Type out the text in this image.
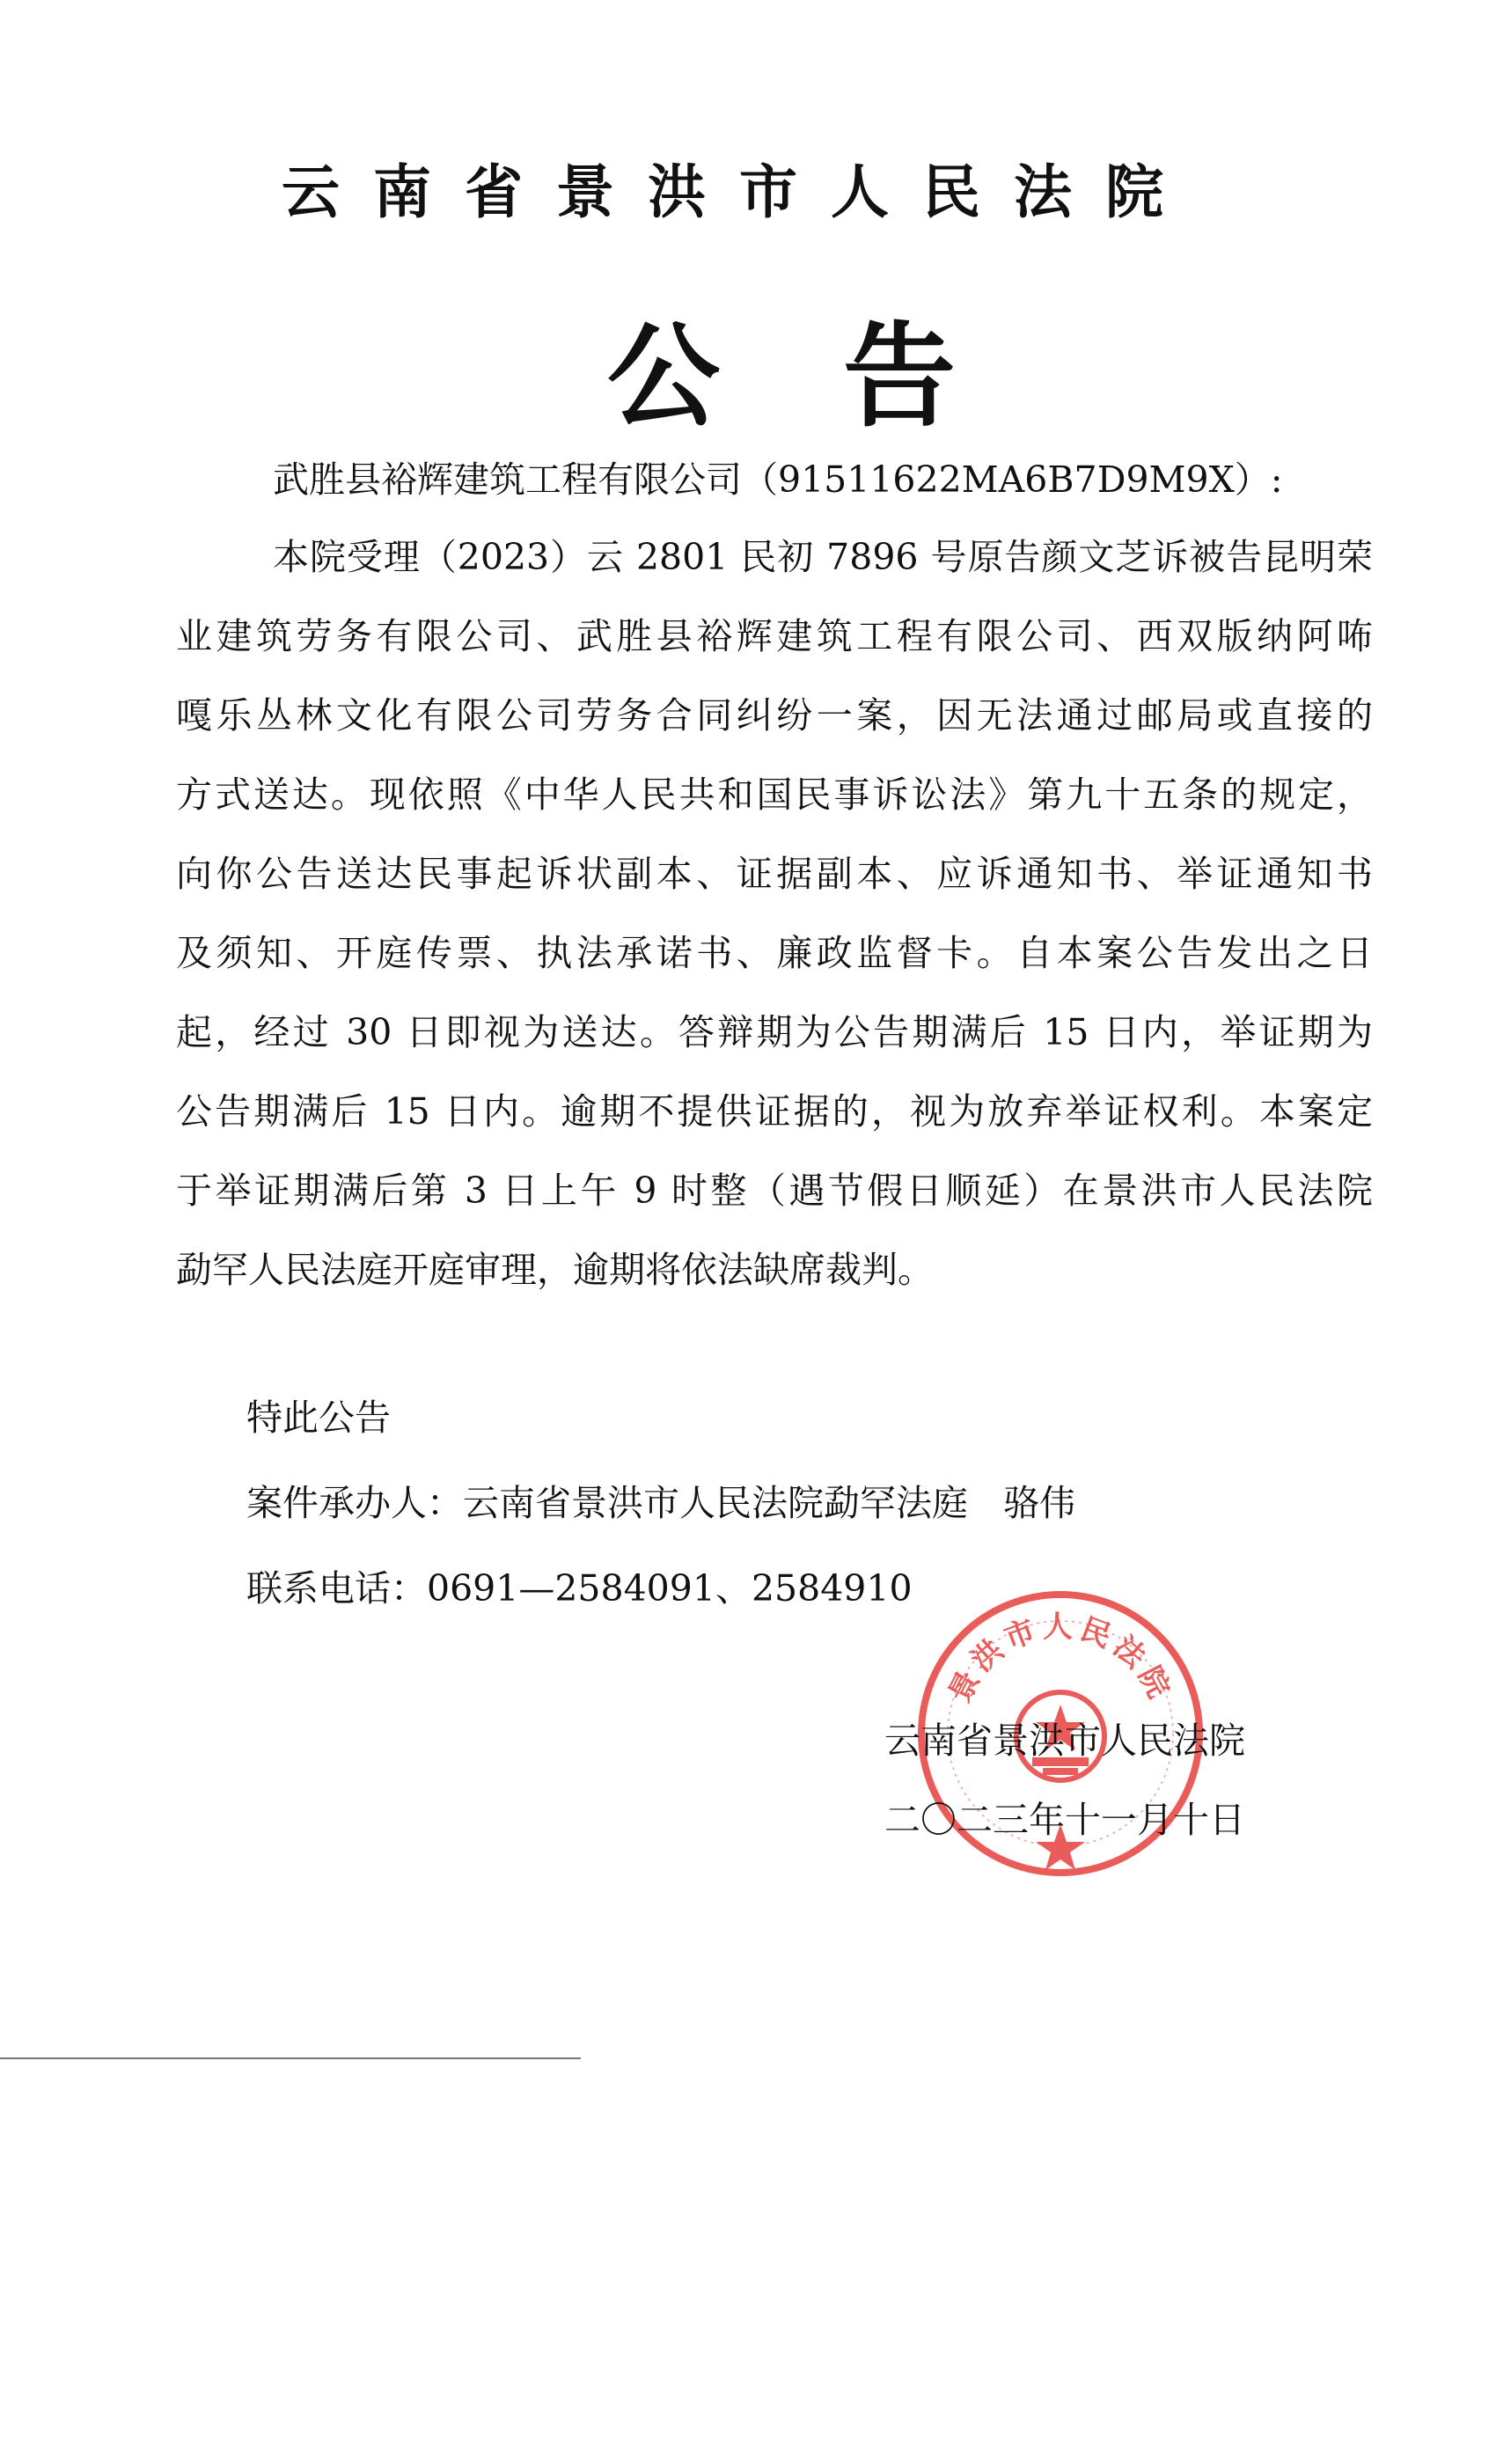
云南省景洪市人民法院
公告
武胜县裕辉建筑工程有限公司（91511622MA6B7D9M9X）:
本院受理（2023）云 2801 民初 7896 号原告颜文芝诉被告昆明荣
业建筑劳务有限公司、武胜县裕辉建筑工程有限公司、西双版纳阿咘
嘎乐丛林文化有限公司劳务合同纠纷一案，因无法通过邮局或直接的
方式送达。现依照《中华人民共和国民事诉讼法》第九十五条的规定，
向你公告送达民事起诉状副本、证据副本、应诉通知书、举证通知书
及须知、开庭传票、执法承诺书、廉政监督卡。自本案公告发出之日
起，经过 30 日即视为送达。答辩期为公告期满后 15 日内，举证期为
公告期满后 15 日内。逾期不提供证据的，视为放弃举证权利。本案定
于举证期满后第 3 日上午 9 时整（遇节假日顺延）在景洪市人民法院
勐罕人民法庭开庭审理，逾期将依法缺席裁判。
特此公告
案件承办人：云南省景洪市人民法院勐罕法庭 骆伟
联系电话：0691—2584091、2584910
景洪市人民法院
云南省景洪市人民法院
二〇二三年十一月十日
